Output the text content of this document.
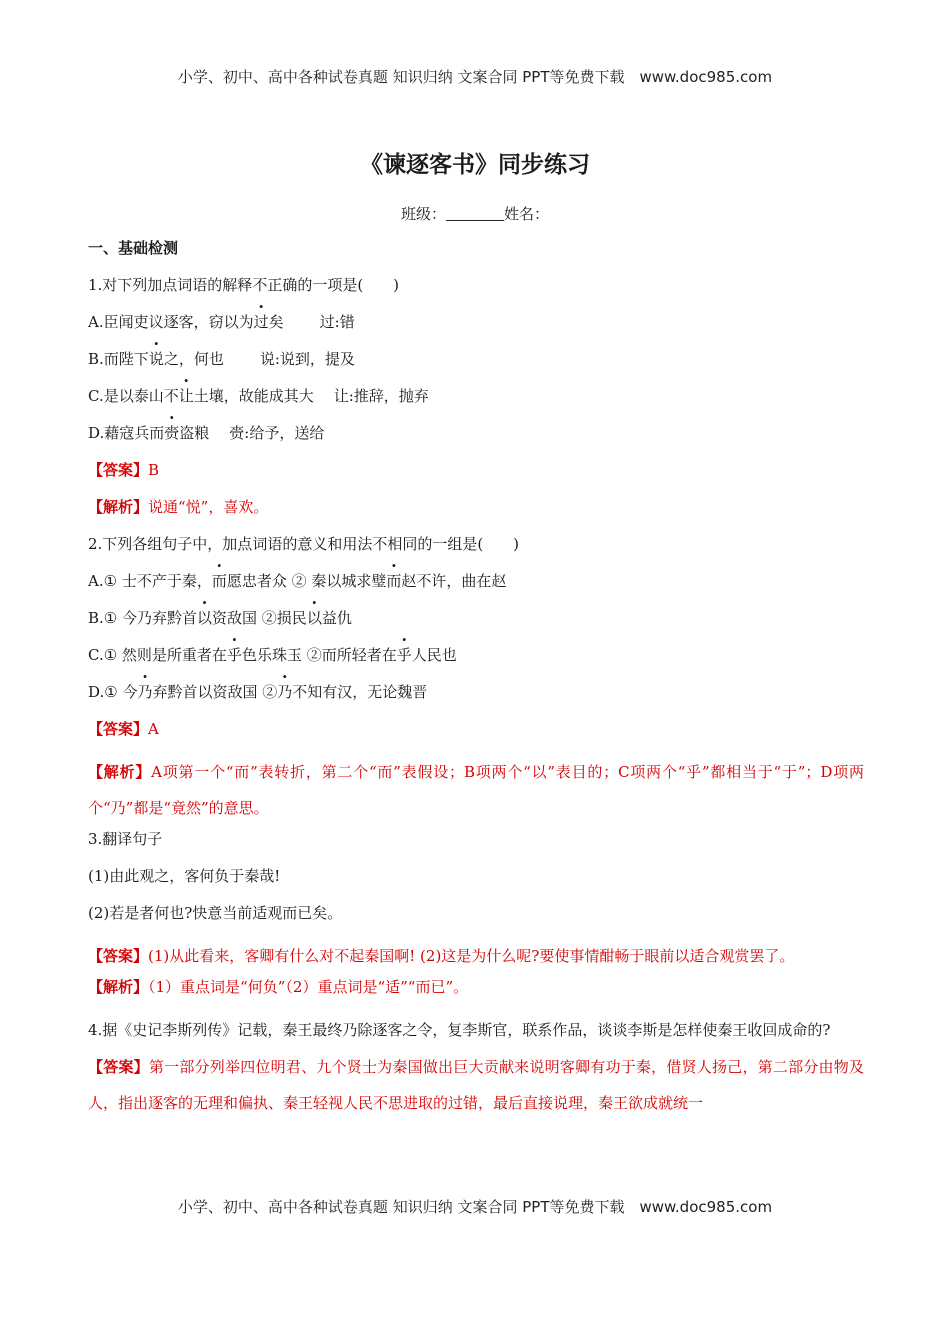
小学、初中、高中各种试卷真题 知识归纳 文案合同 PPT等免费下载　www.doc985.com
《谏逐客书》同步练习
班级：	姓名：
一、基础检测
1.对下列加点词语的解释不正确的一项是(　　)
A.臣闻吏议逐客，窃以为过矣 过:错
B.而陛下说之，何也 说:说到，提及
C.是以泰山不让土壤，故能成其大 让:推辞，抛弃
D.藉寇兵而赍盗粮 赍:给予，送给
【答案】B
【解析】说通“悦”，喜欢。
2.下列各组句子中，加点词语的意义和用法不相同的一组是(　　)
A.① 士不产于秦，而愿忠者众 ② 秦以城求璧而赵不许，曲在赵
B.① 今乃弃黔首以资敌国 ②损民以益仇
C.① 然则是所重者在乎色乐珠玉 ②而所轻者在乎人民也
D.① 今乃弃黔首以资敌国 ②乃不知有汉，无论魏晋
【答案】A
【解析】A项第一个“而”表转折，第二个“而”表假设；B项两个“以”表目的；C项两个“乎”都相当于“于”；D项两个“乃”都是“竟然”的意思。
3.翻译句子
(1)由此观之，客何负于秦哉!
(2)若是者何也?快意当前适观而已矣。
【答案】(1)从此看来，客卿有什么对不起秦国啊! (2)这是为什么呢?要使事情酣畅于眼前以适合观赏罢了。
【解析】（1）重点词是“何负”（2）重点词是“适”“而已”。
4.据《史记李斯列传》记载，秦王最终乃除逐客之令，复李斯官，联系作品，谈谈李斯是怎样使秦王收回成命的?
【答案】第一部分列举四位明君、九个贤士为秦国做出巨大贡献来说明客卿有功于秦，借贤人扬己，第二部分由物及人，指出逐客的无理和偏执、秦王轻视人民不思进取的过错，最后直接说理，秦王欲成就统一
小学、初中、高中各种试卷真题 知识归纳 文案合同 PPT等免费下载　www.doc985.com
